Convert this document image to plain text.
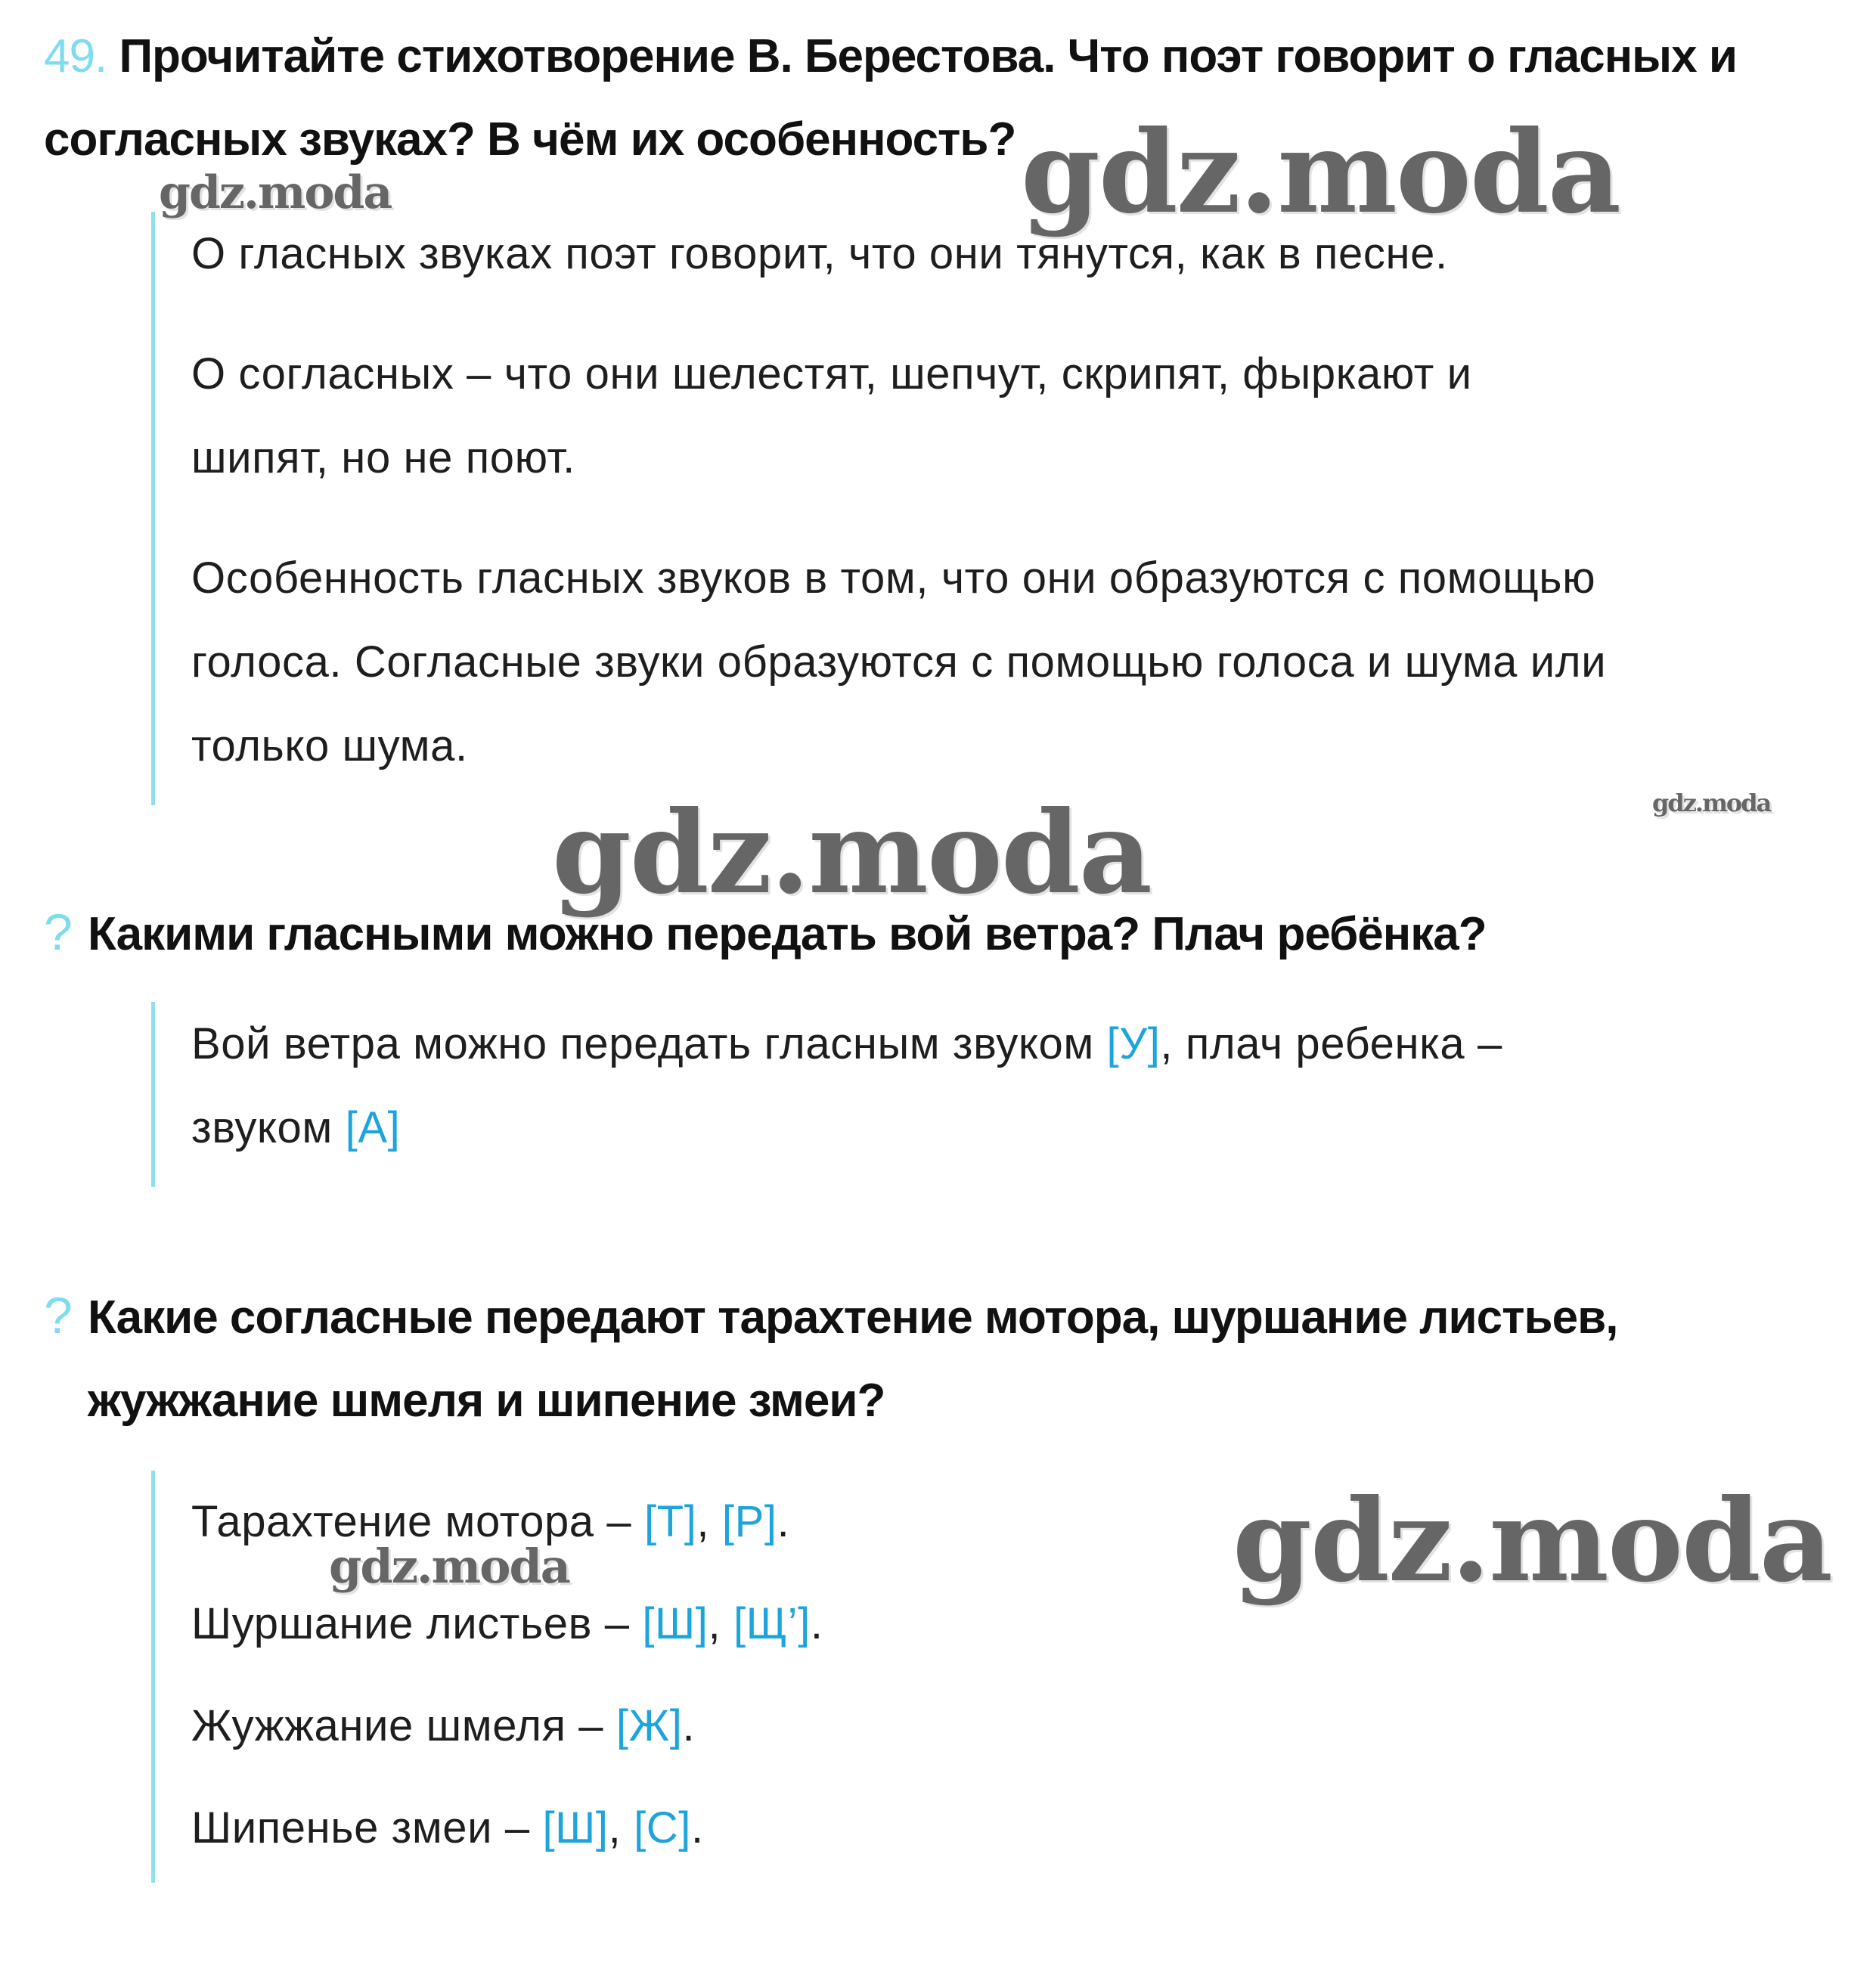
49. Прочитайте стихотворение В. Берестова. Что поэт говорит о гласных и
согласных звуках? В чём их особенность?

О гласных звуках поэт говорит, что они тянутся, как в песне.

О согласных – что они шелестят, шепчут, скрипят, фыркают и

шипят, но не поют.

Особенность гласных звуков в том, что они образуются с помощью

голоса. Согласные звуки образуются с помощью голоса и шума или

только шума.

? Какими гласными можно передать вой ветра? Плач ребёнка?

Вой ветра можно передать гласным звуком [У], плач ребенка –

звуком [А]

? Какие согласные передают тарахтение мотора, шуршание листьев,
жужжание шмеля и шипение змеи?

Тарахтение мотора – [Т], [Р].

Шуршание листьев – [Ш], [Щ’].

Жужжание шмеля – [Ж].

Шипенье змеи – [Ш], [С].

gdz.moda
gdz.moda
gdz.moda	gdz.moda
gdz.moda
gdz.moda
